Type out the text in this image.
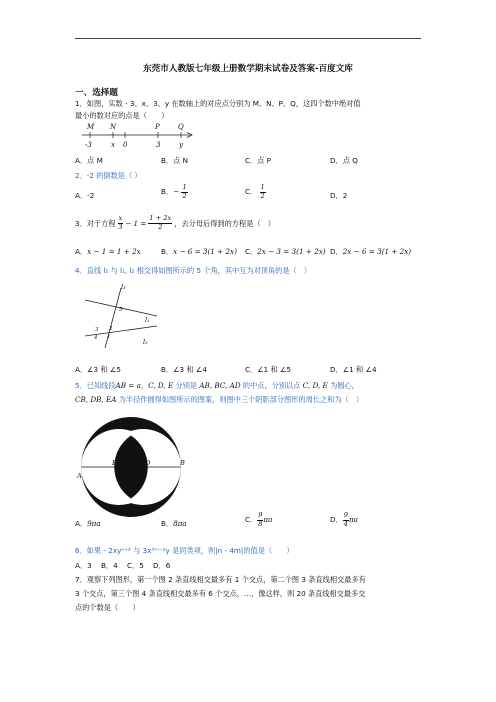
东莞市人教版七年级上册数学期末试卷及答案-百度文库
一、选择题
1．如图，实数 - 3、x、3、y 在数轴上的对应点分别为 M、N、P、Q，这四个数中绝对值
最小的数对应的点是（　　）
M N	P	Q
-3	x 0	3	y
A．点 M	B．点 N	C．点 P	D．点 Q
2．-2 的倒数是（ ）
A．-2	B．− $\frac{1}{2}$	C． $\frac{1}{2}$	D．2
3．对于方程 $\frac{x}{3} - 1 = \frac{1 + 2x}{2}$ ，去分母后得到的方程是（　）
A．x − 1 = 1 + 2x	B．x − 6 = 3(1 + 2x) C．2x − 3 = 3(1 + 2x) D．2x − 6 = 3(1 + 2x)
4．直线 l₁ 与 l₁, l₂ 相交得如图所示的 5 个角，其中互为对顶角的是（　）
l₃
l₁
l₂
3
4 1
2
5
A．∠3 和 ∠5	B．∠3 和 ∠4	C．∠1 和 ∠5	D．∠1 和 ∠4
5．已知线段AB = a，C, D, E 分别是 AB, BC, AD 的中点，分别以点 C, D, E 为圆心，
CB, DB, EA 为半径作圆得如图所示的图案，则图中三个阴影部分图形的周长之和为（　）
A
E C	D	B
A．9πa	B．8πa	C． $\frac{9}{8}$ πa	D． $\frac{9}{4}$ πa
6．如果 - 2xyⁿ⁺² 与 3x³ᵐ⁻²y 是同类项，则|n - 4m|的值是（　　）
A．3 B．4 C．5 D．6
7．观察下列图形，第一个图 2 条直线相交最多有 1 个交点，第二个图 3 条直线相交最多有
3 个交点，第三个图 4 条直线相交最多有 6 个交点，…，像这样，则 20 条直线相交最多交
点的个数是（　　）
